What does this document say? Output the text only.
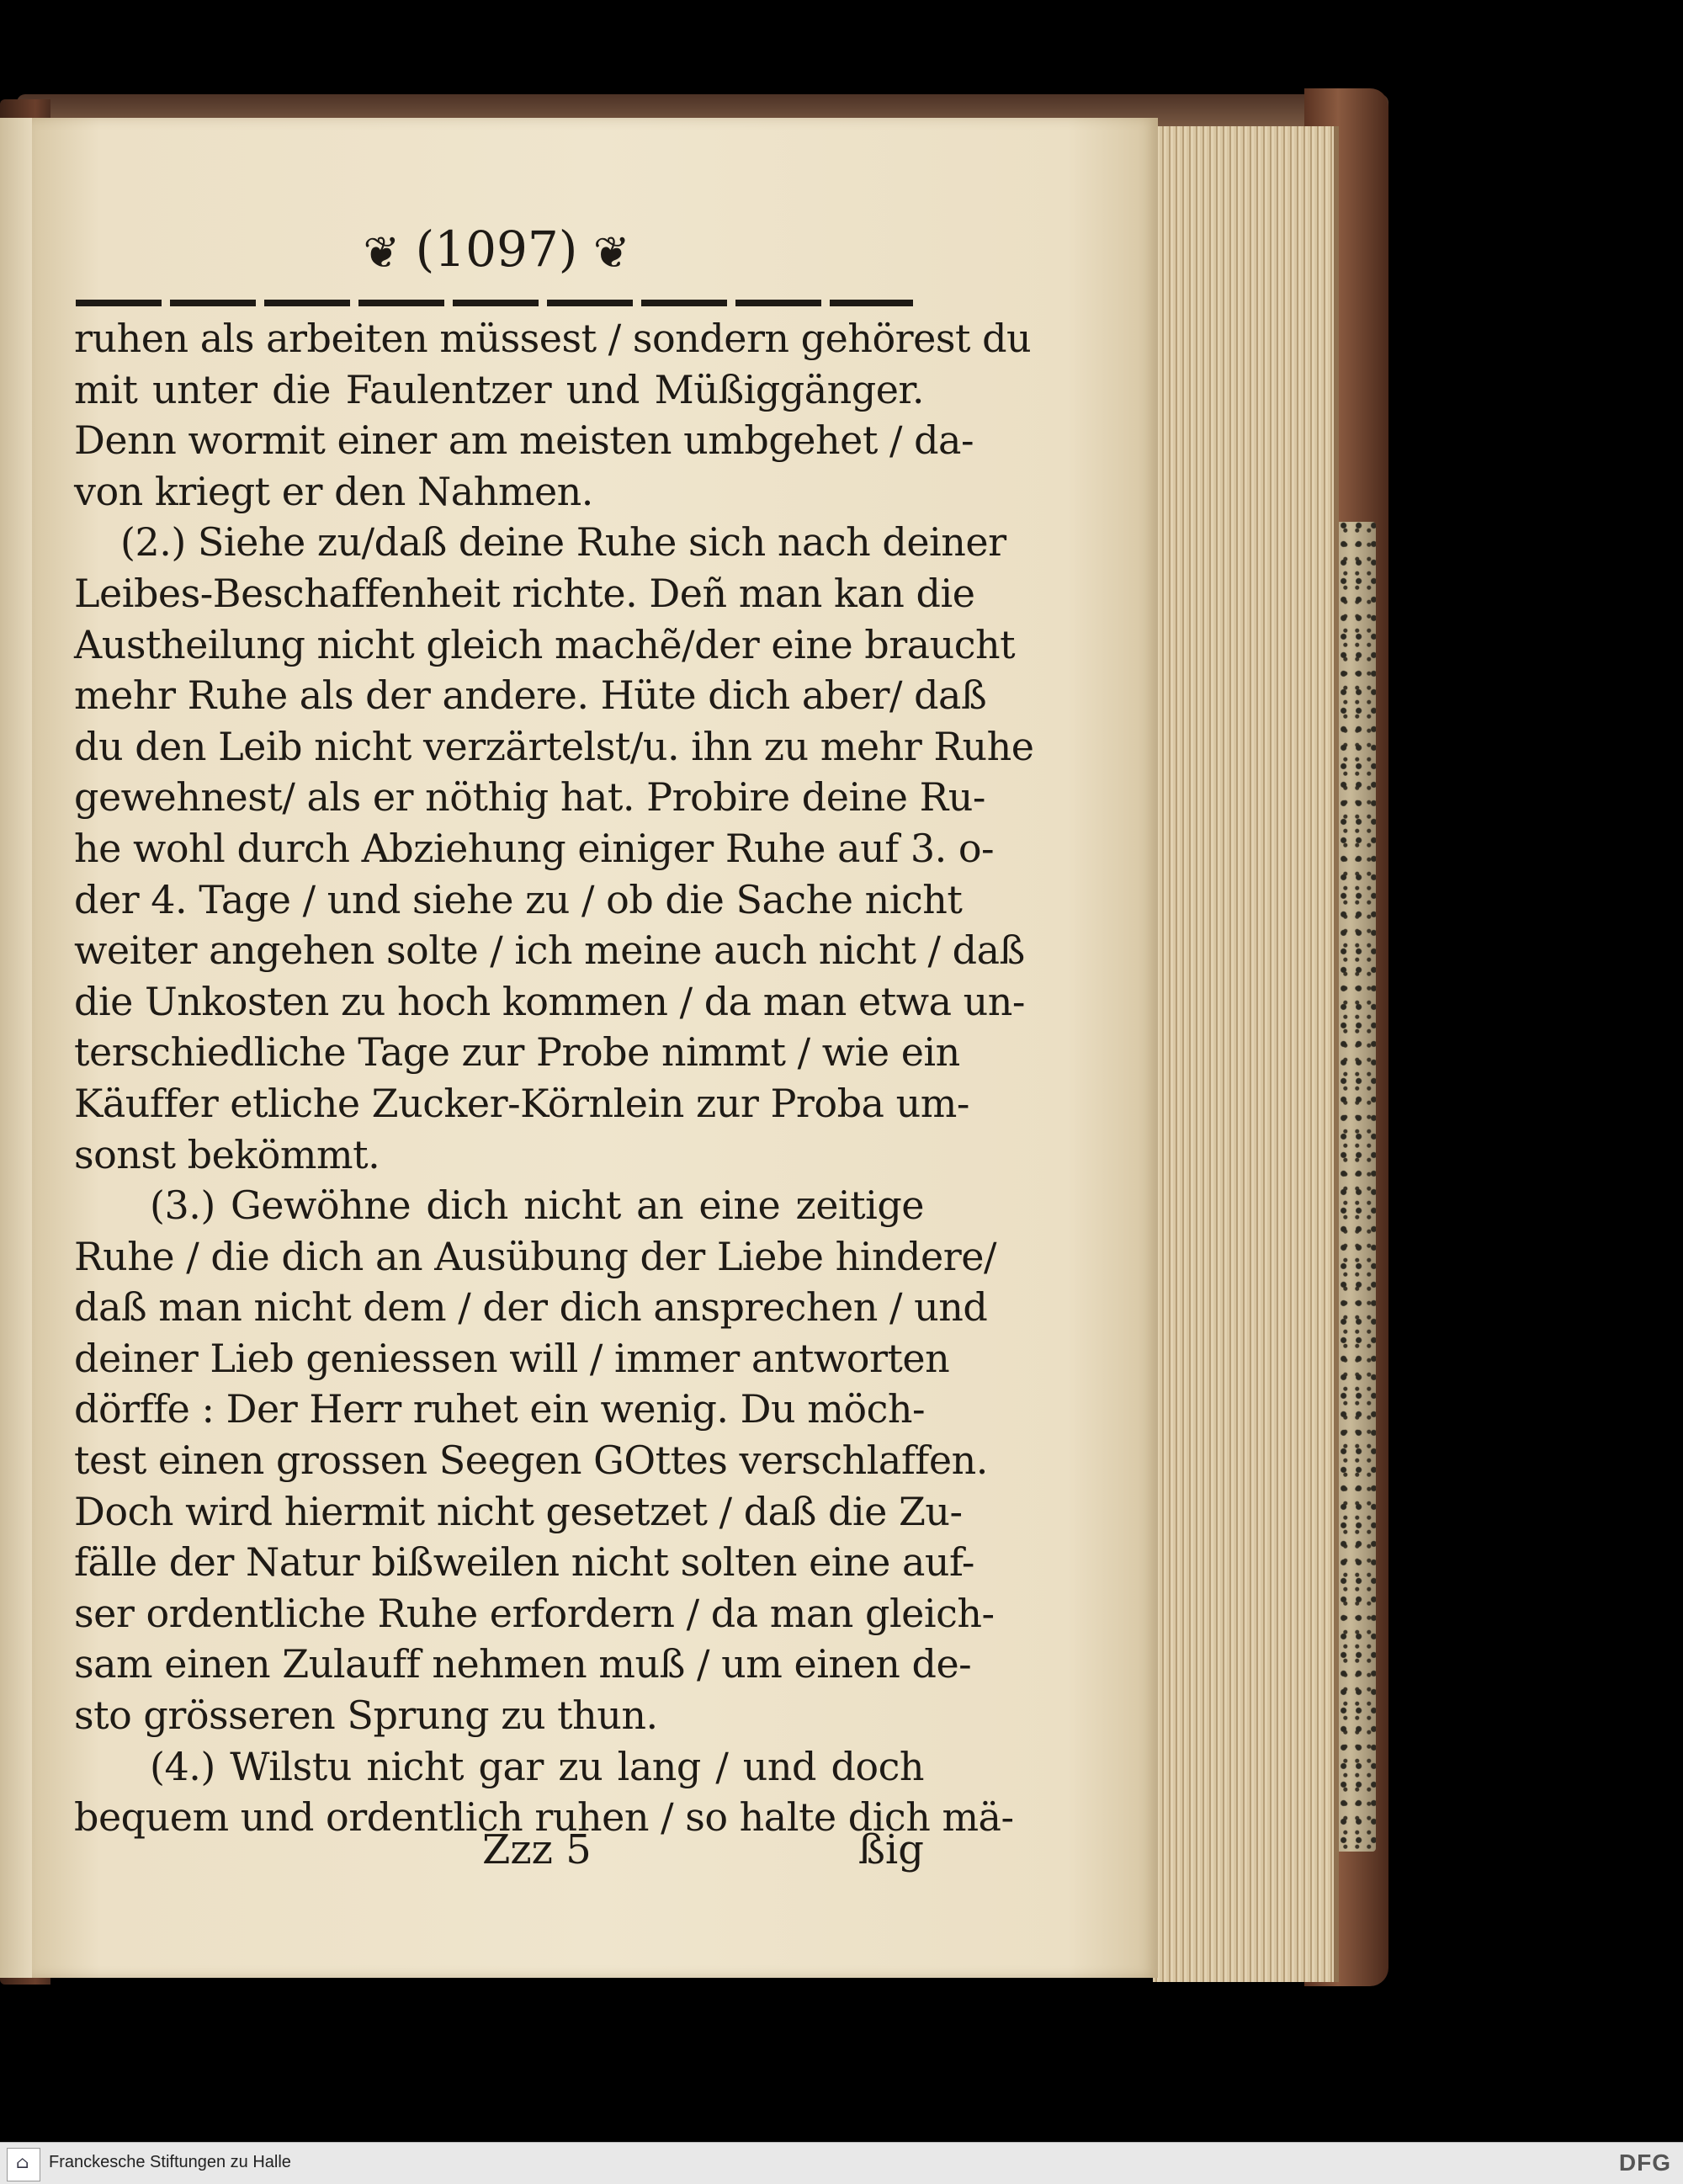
❦ (1097) ❦
ruhen als arbeiten müssest / sondern gehörest du
mit unter die Faulentzer und Müßiggänger.
Denn wormit einer am meisten umbgehet / da-
von kriegt er den Nahmen.
(2.) Siehe zu/daß deine Ruhe sich nach deiner
Leibes-Beschaffenheit richte. Deñ man kan die
Austheilung nicht gleich machẽ/der eine braucht
mehr Ruhe als der andere. Hüte dich aber/ daß
du den Leib nicht verzärtelst/u. ihn zu mehr Ruhe
gewehnest/ als er nöthig hat. Probire deine Ru-
he wohl durch Abziehung einiger Ruhe auf 3. o-
der 4. Tage / und siehe zu / ob die Sache nicht
weiter angehen solte / ich meine auch nicht / daß
die Unkosten zu hoch kommen / da man etwa un-
terschiedliche Tage zur Probe nimmt / wie ein
Käuffer etliche Zucker-Körnlein zur Proba um-
sonst bekömmt.
(3.) Gewöhne dich nicht an eine zeitige
Ruhe / die dich an Ausübung der Liebe hindere/
daß man nicht dem / der dich ansprechen / und
deiner Lieb geniessen will / immer antworten
dörffe : Der Herr ruhet ein wenig. Du möch-
test einen grossen Seegen GOttes verschlaffen.
Doch wird hiermit nicht gesetzet / daß die Zu-
fälle der Natur bißweilen nicht solten eine auf-
ser ordentliche Ruhe erfordern / da man gleich-
sam einen Zulauff nehmen muß / um einen de-
sto grösseren Sprung zu thun.
(4.) Wilstu nicht gar zu lang / und doch
bequem und ordentlich ruhen / so halte dich mä-
Zzz 5	ßig
⌂ Franckesche Stiftungen zu Halle	DFG
